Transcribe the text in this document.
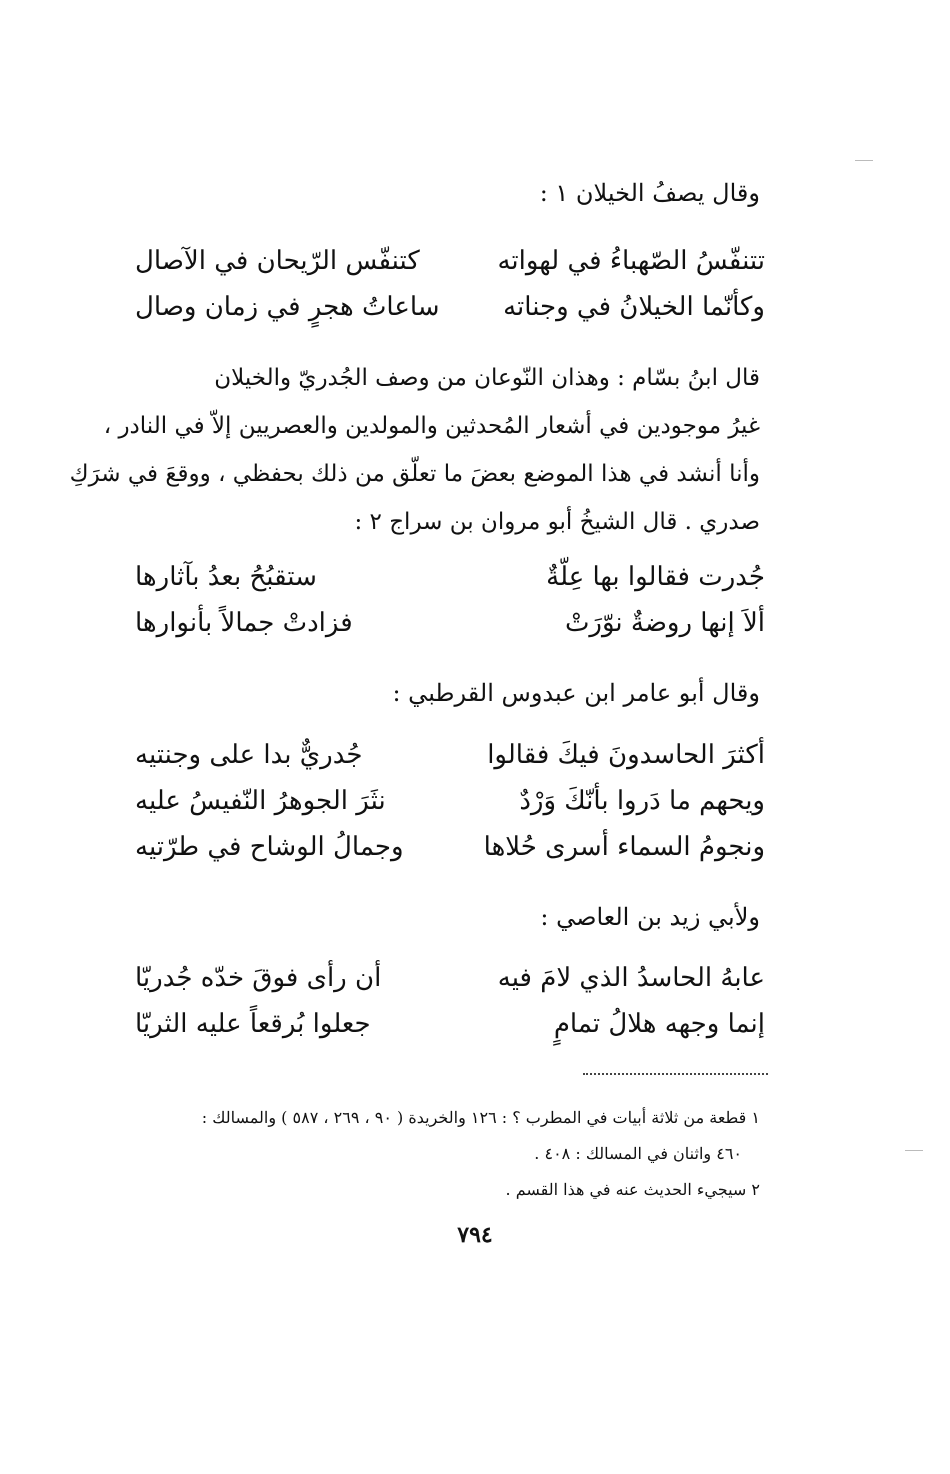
وقال يصفُ الخيلان ١ :
تتنفّسُ الصّهباءُ في لهواته
كتنفّس الرّيحان في الآصال
وكأنّما الخيلانُ في وجناته
ساعاتُ هجرٍ في زمان وصال

قال ابنُ بسّام : وهذان النّوعان من وصف الجُدريّ والخيلان

غيرُ موجودين في أشعار المُحدثين والمولدين والعصريين إلاّ في النادر ،

وأنا أنشد في هذا الموضع بعضَ ما تعلّق من ذلك بحفظي ، ووقعَ في شرَكِ

صدري . قال الشيخُ أبو مروان بن سراج ٢ :

جُدرت فقالوا بها عِلّةٌ
ستقبُحُ بعدُ بآثارها
ألاَ إنها روضةٌ نوّرَتْ
فزادتْ جمالاً بأنوارها
وقال أبو عامر ابن عبدوس القرطبي :
أكثرَ الحاسدونَ فيكَ فقالوا
جُدريٌّ بدا على وجنتيه
ويحهم ما دَروا بأنّكَ وَرْدٌ
نثَرَ الجوهرُ النّفيسُ عليه
ونجومُ السماء أسرى حُلاها
وجمالُ الوشاح في طرّتيه
ولأبي زيد بن العاصي :
عابهُ الحاسدُ الذي لامَ فيه
أن رأى فوقَ خدّه جُدريّا
إنما وجهه هلالُ تمامٍ
جعلوا بُرقعاً عليه الثريّا

١ قطعة من ثلاثة أبيات في المطرب ؟ : ١٢٦ والخريدة ( ٩٠ ، ٢٦٩ ، ٥٨٧ ) والمسالك :

٤٦٠ واثنان في المسالك : ٤٠٨ .

٢ سيجيء الحديث عنه في هذا القسم .

٧٩٤
